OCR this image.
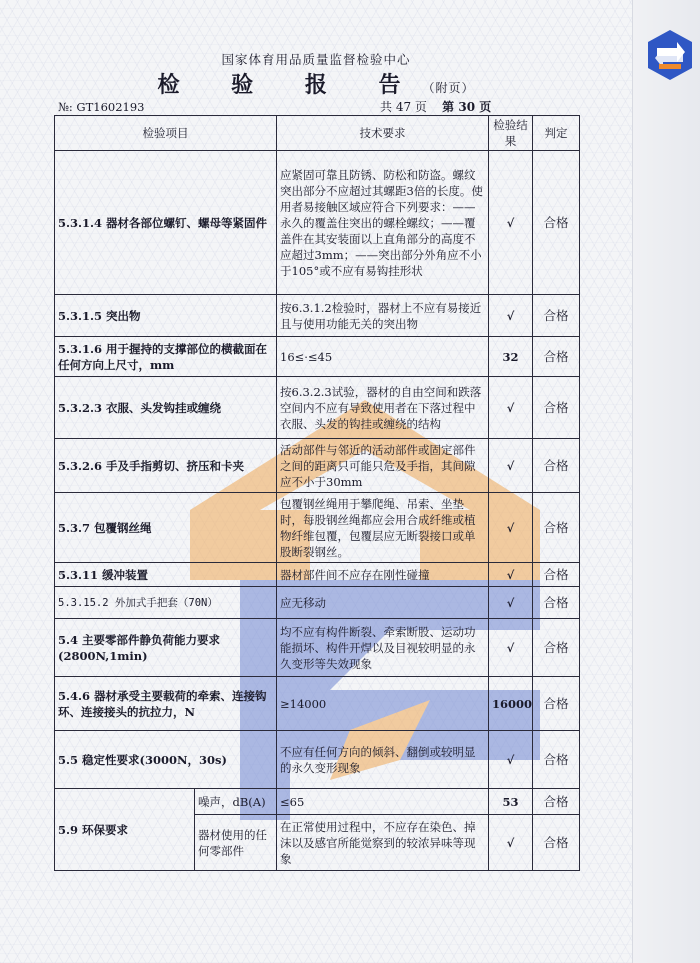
国家体育用品质量监督检验中心
检 验 报 告（附页）
№: GT1602193	共 47 页 第 30 页
检验项目		技术要求	检验结果	判定
5.3.1.4 器材各部位螺钉、螺母等紧固件		应紧固可靠且防锈、防松和防盗。螺纹突出部分不应超过其螺距3倍的长度。使用者易接触区域应符合下列要求：——永久的覆盖住突出的螺栓螺纹；——覆盖件在其安装面以上直角部分的高度不应超过3mm；——突出部分外角应不小于105°或不应有易钩挂形状	√	合格
5.3.1.5 突出物		按6.3.1.2检验时，器材上不应有易接近且与使用功能无关的突出物	√	合格
5.3.1.6 用于握持的支撑部位的横截面在任何方向上尺寸，mm		16≤·≤45	32	合格
5.3.2.3 衣服、头发钩挂或缠绕		按6.3.2.3试验，器材的自由空间和跌落空间内不应有导致使用者在下落过程中衣服、头发的钩挂或缠绕的结构	√	合格
5.3.2.6 手及手指剪切、挤压和卡夹		活动部件与邻近的活动部件或固定部件之间的距离只可能只危及手指，其间隙应不小于30mm	√	合格
5.3.7 包覆钢丝绳		包覆钢丝绳用于攀爬绳、吊索、坐垫时，每股钢丝绳都应会用合成纤维或植物纤维包覆，包覆层应无断裂接口或单股断裂钢丝。	√	合格
5.3.11 缓冲装置		器材部件间不应存在刚性碰撞	√	合格
5.3.15.2 外加式手把套（70N）		应无移动	√	合格
5.4 主要零部件静负荷能力要求(2800N,1min)		均不应有构件断裂、牵索断股、运动功能损坏、构件开焊以及目视较明显的永久变形等失效现象	√	合格
5.4.6 器材承受主要载荷的牵索、连接钩环、连接接头的抗拉力，N		≥14000	16000	合格
5.5 稳定性要求(3000N，30s)		不应有任何方向的倾斜、翻倒或较明显的永久变形现象	√	合格
5.9 环保要求	噪声，dB(A)	≤65	53	合格
	器材使用的任何零部件	在正常使用过程中，不应存在染色、掉沫以及感官所能觉察到的较浓异味等现象	√	合格
